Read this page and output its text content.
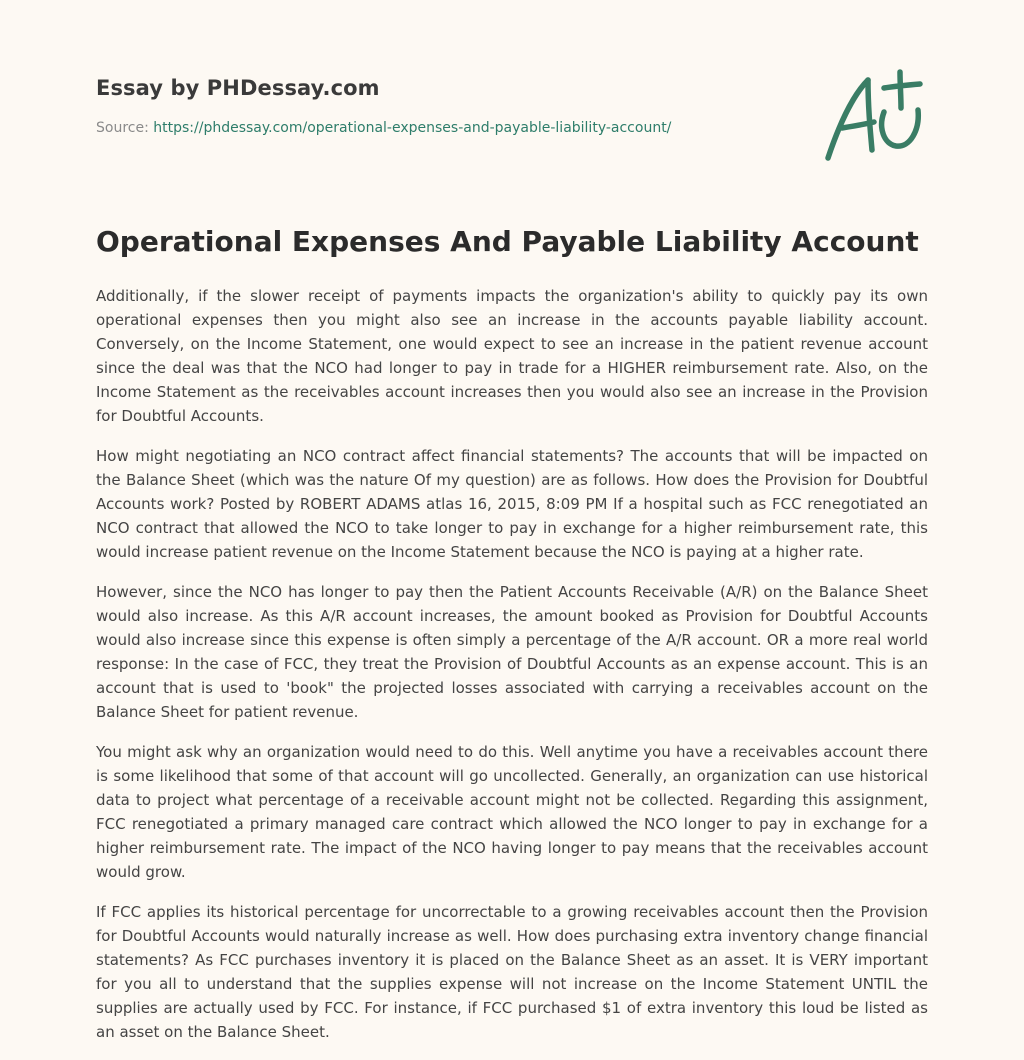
Essay by PHDessay.com
Source: https://phdessay.com/operational-expenses-and-payable-liability-account/
Operational Expenses And Payable Liability Account

Additionally, if the slower receipt of payments impacts the organization's ability to quickly pay its own operational expenses then you might also see an increase in the accounts payable liability account. Conversely, on the Income Statement, one would expect to see an increase in the patient revenue account since the deal was that the NCO had longer to pay in trade for a HIGHER reimbursement rate. Also, on the Income Statement as the receivables account increases then you would also see an increase in the Provision for Doubtful Accounts.

How might negotiating an NCO contract affect financial statements? The accounts that will be impacted on the Balance Sheet (which was the nature Of my question) are as follows. How does the Provision for Doubtful Accounts work? Posted by ROBERT ADAMS atlas 16, 2015, 8:09 PM If a hospital such as FCC renegotiated an NCO contract that allowed the NCO to take longer to pay in exchange for a higher reimbursement rate, this would increase patient revenue on the Income Statement because the NCO is paying at a higher rate.

However, since the NCO has longer to pay then the Patient Accounts Receivable (A/R) on the Balance Sheet would also increase. As this A/R account increases, the amount booked as Provision for Doubtful Accounts would also increase since this expense is often simply a percentage of the A/R account. OR a more real world response: In the case of FCC, they treat the Provision of Doubtful Accounts as an expense account. This is an account that is used to 'book" the projected losses associated with carrying a receivables account on the Balance Sheet for patient revenue.

You might ask why an organization would need to do this. Well anytime you have a receivables account there is some likelihood that some of that account will go uncollected. Generally, an organization can use historical data to project what percentage of a receivable account might not be collected. Regarding this assignment, FCC renegotiated a primary managed care contract which allowed the NCO longer to pay in exchange for a higher reimbursement rate. The impact of the NCO having longer to pay means that the receivables account would grow.

If FCC applies its historical percentage for uncorrectable to a growing receivables account then the Provision for Doubtful Accounts would naturally increase as well. How does purchasing extra inventory change financial statements? As FCC purchases inventory it is placed on the Balance Sheet as an asset. It is VERY important for you all to understand that the supplies expense will not increase on the Income Statement UNTIL the supplies are actually used by FCC. For instance, if FCC purchased $1 of extra inventory this loud be listed as an asset on the Balance Sheet.
